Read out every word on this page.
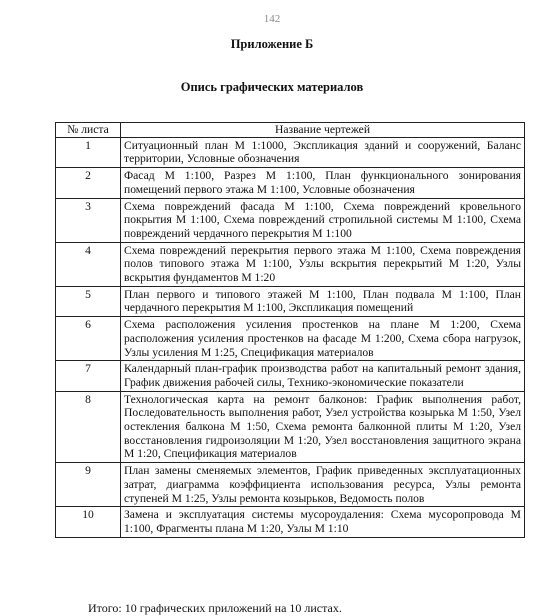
142
Приложение Б
Опись графических материалов
№ листа	Название чертежей
1	Ситуационный план М 1:1000, Экспликация зданий и сооружений, Баланс территории, Условные обозначения
2	Фасад М 1:100, Разрез М 1:100, План функционального зонирования помещений первого этажа М 1:100, Условные обозначения
3	Схема повреждений фасада М 1:100, Схема повреждений кровельного покрытия М 1:100, Схема повреждений стропильной системы М 1:100, Схема повреждений чердачного перекрытия М 1:100
4	Схема повреждений перекрытия первого этажа М 1:100, Схема повреждения полов типового этажа М 1:100, Узлы вскрытия перекрытий М 1:20, Узлы вскрытия фундаментов М 1:20
5	План первого и типового этажей М 1:100, План подвала М 1:100, План чердачного перекрытия М 1:100, Экспликация помещений
6	Схема расположения усиления простенков на плане М 1:200, Схема расположения усиления простенков на фасаде М 1:200, Схема сбора нагрузок, Узлы усиления М 1:25, Спецификация материалов
7	Календарный план-график производства работ на капитальный ремонт здания, График движения рабочей силы, Технико-экономические показатели
8	Технологическая карта на ремонт балконов: График выполнения работ, Последовательность выполнения работ, Узел устройства козырька М 1:50, Узел остекления балкона М 1:50, Схема ремонта балконной плиты М 1:20, Узел восстановления гидроизоляции М 1:20, Узел восстановления защитного экрана М 1:20, Спецификация материалов
9	План замены сменяемых элементов, График приведенных эксплуатационных затрат, диаграмма коэффициента использования ресурса, Узлы ремонта ступеней М 1:25, Узлы ремонта козырьков, Ведомость полов
10	Замена и эксплуатация системы мусороудаления: Схема мусоропровода М 1:100, Фрагменты плана М 1:20, Узлы М 1:10
Итого: 10 графических приложений на 10 листах.
